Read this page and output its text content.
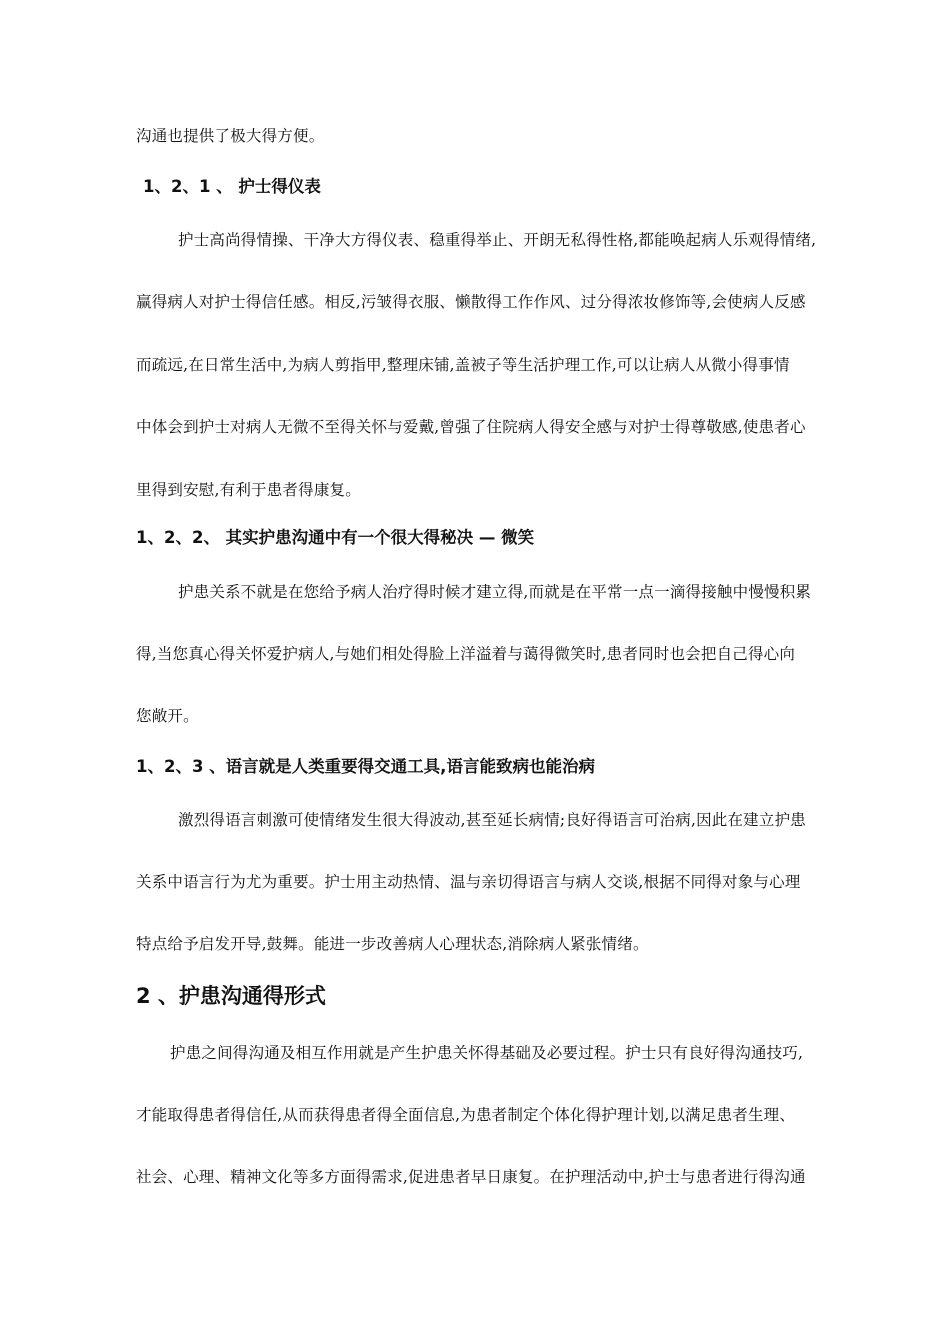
沟通也提供了极大得方便。
1、2、1 、 护士得仪表
护士高尚得情操、干净大方得仪表、稳重得举止、开朗无私得性格,都能唤起病人乐观得情绪,
赢得病人对护士得信任感。相反,污皱得衣服、懒散得工作作风、过分得浓妆修饰等,会使病人反感
而疏远,在日常生活中,为病人剪指甲,整理床铺,盖被子等生活护理工作,可以让病人从微小得事情
中体会到护士对病人无微不至得关怀与爱戴,曾强了住院病人得安全感与对护士得尊敬感,使患者心
里得到安慰,有利于患者得康复。
1、2、2、 其实护患沟通中有一个很大得秘决 — 微笑
护患关系不就是在您给予病人治疗得时候才建立得,而就是在平常一点一滴得接触中慢慢积累
得,当您真心得关怀爱护病人,与她们相处得脸上洋溢着与蔼得微笑时,患者同时也会把自己得心向
您敞开。
1、2、3 、语言就是人类重要得交通工具,语言能致病也能治病
激烈得语言刺激可使情绪发生很大得波动,甚至延长病情;良好得语言可治病,因此在建立护患
关系中语言行为尤为重要。护士用主动热情、温与亲切得语言与病人交谈,根据不同得对象与心理
特点给予启发开导,鼓舞。能进一步改善病人心理状态,消除病人紧张情绪。
2 、护患沟通得形式
护患之间得沟通及相互作用就是产生护患关怀得基础及必要过程。护士只有良好得沟通技巧,
才能取得患者得信任,从而获得患者得全面信息,为患者制定个体化得护理计划,以满足患者生理、
社会、心理、精神文化等多方面得需求,促进患者早日康复。在护理活动中,护士与患者进行得沟通
